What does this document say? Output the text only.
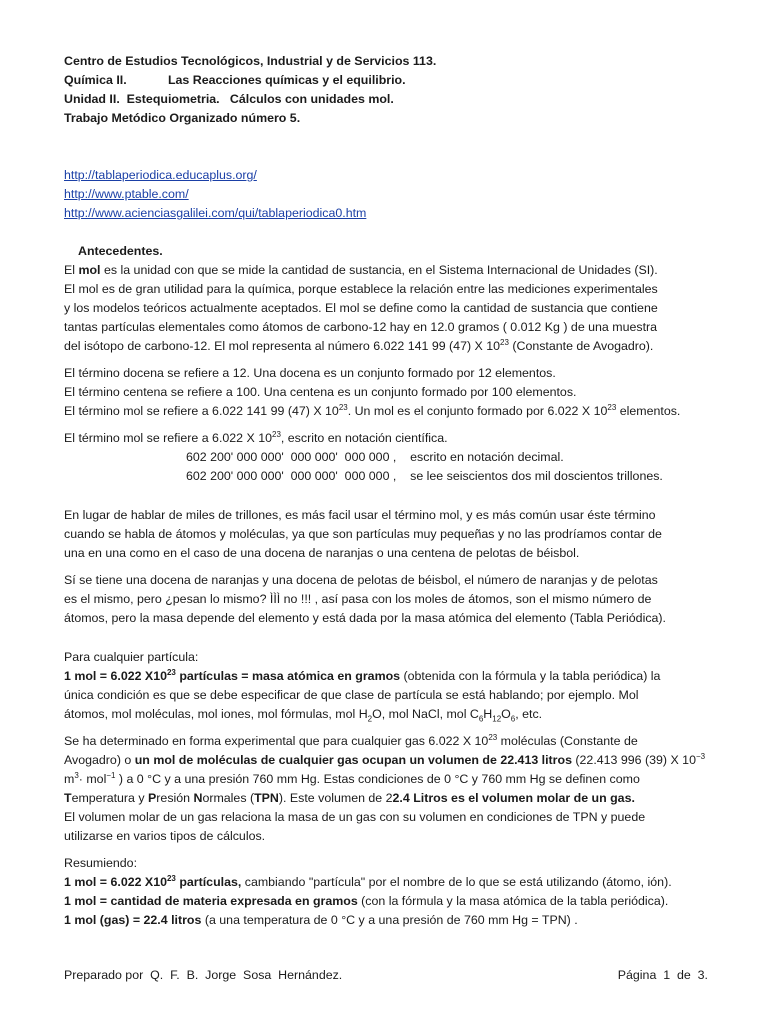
Centro de Estudios Tecnológicos, Industrial y de Servicios 113.
Química II.            Las Reacciones químicas y el equilibrio.
Unidad II.  Estequiometria.   Cálculos con unidades mol.
Trabajo Metódico Organizado número 5.
http://tablaperiodica.educaplus.org/
http://www.ptable.com/
http://www.acienciasgalilei.com/qui/tablaperiodica0.htm
Antecedentes.

El mol es la unidad con que se mide la cantidad de sustancia, en el Sistema Internacional de Unidades (SI).

El mol es de gran utilidad para la química, porque establece la relación entre las mediciones experimentales

y los modelos teóricos actualmente aceptados. El mol se define como la cantidad de sustancia que contiene

tantas partículas elementales como átomos de carbono-12 hay en 12.0 gramos ( 0.012 Kg ) de una muestra

del isótopo de carbono-12. El mol representa al número 6.022 141 99 (47) X $10^{23}$ (Constante de Avogadro).

El término docena se refiere a 12. Una docena es un conjunto formado por 12 elementos.

El término centena se refiere a 100. Una centena es un conjunto formado por 100 elementos.

El término mol se refiere a 6.022 141 99 (47) X $10^{23}$. Un mol es el conjunto formado por 6.022 X $10^{23}$ elementos.

El término mol se refiere a 6.022 X $10^{23}$, escrito en notación científica.

602 200' 000 000'  000 000'  000 000 ,    escrito en notación decimal.

602 200' 000 000'  000 000'  000 000 ,    se lee seiscientos dos mil doscientos trillones.

En lugar de hablar de miles de trillones, es más facil usar el término mol, y es más común usar éste término

cuando se habla de átomos y moléculas, ya que son partículas muy pequeñas y no las prodríamos contar de

una en una como en el caso de una docena de naranjas o una centena de pelotas de béisbol.

Sí se tiene una docena de naranjas y una docena de pelotas de béisbol, el número de naranjas y de pelotas

es el mismo, pero ¿pesan lo mismo? ÌÌÌ no !!! , así pasa con los moles de átomos, son el mismo número de

átomos, pero la masa depende del elemento y está dada por la masa atómica del elemento (Tabla Periódica).

Para cualquier partícula:

1 mol = 6.022 $X10^{23}$ partículas = masa atómica en gramos (obtenida con la fórmula y la tabla periódica) la

única condición es que se debe especificar de que clase de partícula se está hablando; por ejemplo. Mol

átomos, mol moléculas, mol iones, mol fórmulas, mol $H_2O$, mol NaCl, mol $C_6H_{12}O_6$, etc.

Se ha determinado en forma experimental que para cualquier gas 6.022 X $10^{23}$ moléculas (Constante de

Avogadro) o un mol de moléculas de cualquier gas ocupan un volumen de 22.413 litros (22.413 996 (39) X $10^{-3}$

$m^3\cdot mol^{-1}$ ) a 0 °C y a una presión 760 mm Hg. Estas condiciones de 0 °C y 760 mm Hg se definen como

Temperatura y Presión Normales (TPN). Este volumen de 22.4 Litros es el volumen molar de un gas.

El volumen molar de un gas relaciona la masa de un gas con su volumen en condiciones de TPN y puede

utilizarse en varios tipos de cálculos.

Resumiendo:

1 mol = 6.022 $X10^{23}$ partículas, cambiando "partícula" por el nombre de lo que se está utilizando (átomo, ión).

1 mol = cantidad de materia expresada en gramos (con la fórmula y la masa atómica de la tabla periódica).

1 mol (gas) = 22.4 litros (a una temperatura de 0 °C y a una presión de 760 mm Hg = TPN) .

Preparado por  Q.  F.  B.  Jorge  Sosa  Hernández.	Página  1  de  3.
